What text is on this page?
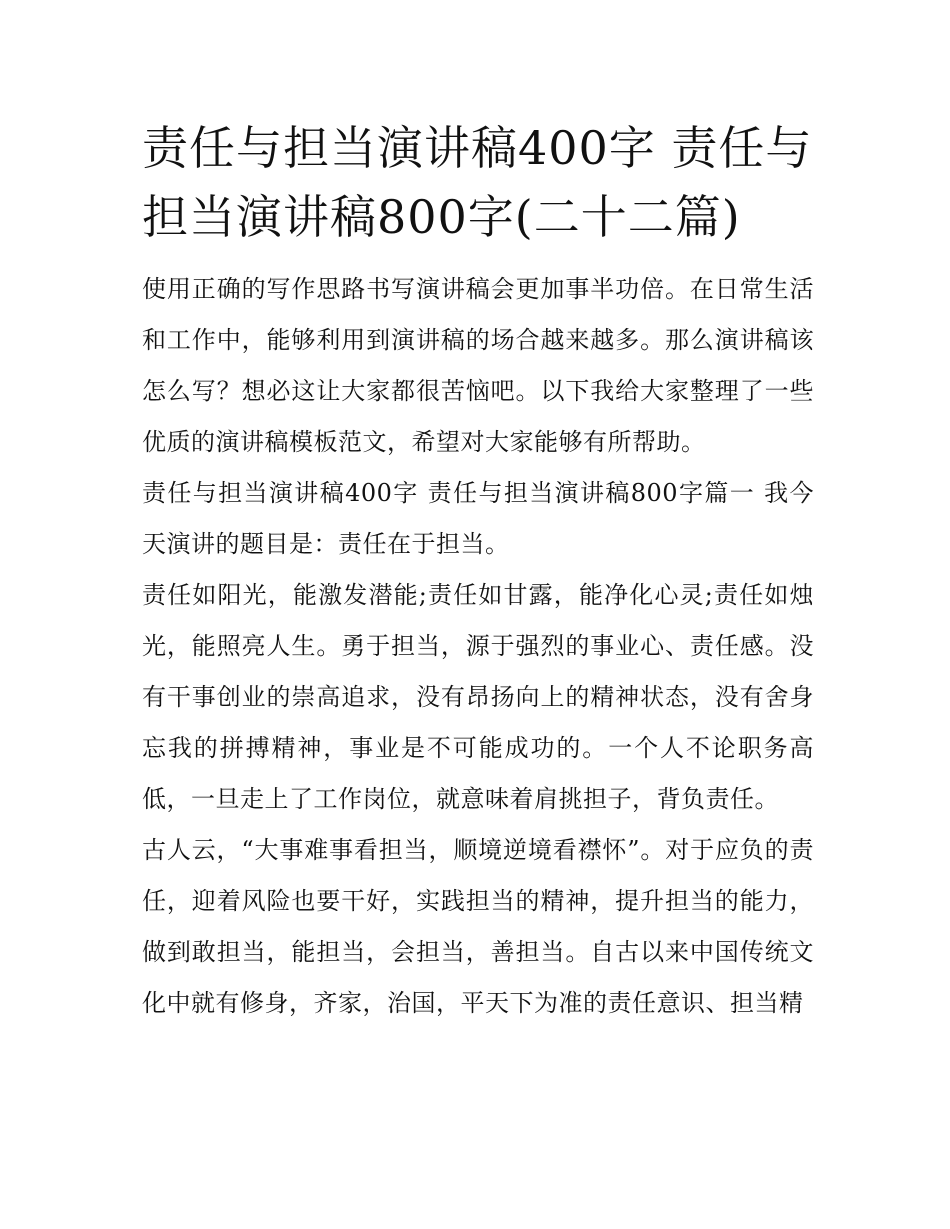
责任与担当演讲稿400字 责任与担当演讲稿800字(二十二篇)

使用正确的写作思路书写演讲稿会更加事半功倍。在日常生活和工作中，能够利用到演讲稿的场合越来越多。那么演讲稿该怎么写？想必这让大家都很苦恼吧。以下我给大家整理了一些优质的演讲稿模板范文，希望对大家能够有所帮助。

责任与担当演讲稿400字 责任与担当演讲稿800字篇一 我今天演讲的题目是：责任在于担当。

责任如阳光，能激发潜能;责任如甘露，能净化心灵;责任如烛光，能照亮人生。勇于担当，源于强烈的事业心、责任感。没有干事创业的崇高追求，没有昂扬向上的精神状态，没有舍身忘我的拼搏精神，事业是不可能成功的。一个人不论职务高低，一旦走上了工作岗位，就意味着肩挑担子，背负责任。

古人云，“大事难事看担当，顺境逆境看襟怀”。对于应负的责任，迎着风险也要干好，实践担当的精神，提升担当的能力，做到敢担当，能担当，会担当，善担当。自古以来中国传统文化中就有修身，齐家，治国，平天下为准的责任意识、担当精
